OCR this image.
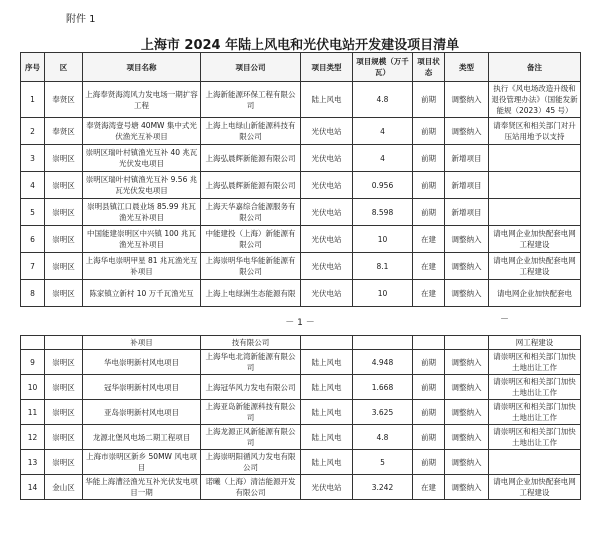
附件 1
上海市 2024 年陆上风电和光伏电站开发建设项目清单
序号	区	项目名称	项目公司	项目类型	项目规模（万千瓦）	项目状态	类型	备注
1	奉贤区	上海奉贤海湾风力发电场一期扩容工程	上海新能源环保工程有限公司	陆上风电	4.8	前期	调整纳入	执行《风电场改造升级和退役管理办法》（国能发新能规（2023）45 号）
2	奉贤区	奉贤海湾壹号塘 40MW 集中式光伏渔光互补项目	上海上电绿山新能源科技有限公司	光伏电站	4	前期	调整纳入	请奉贤区和相关部门对升压站用地予以支持
3	崇明区	崇明区瑞叶村镇渔光互补 40 兆瓦光伏发电项目	上海弘晨辉新能源有限公司	光伏电站	4	前期	新增项目	
4	崇明区	崇明区瑞叶村镇渔光互补 9.56 兆瓦光伏发电项目	上海弘晨辉新能源有限公司	光伏电站	0.956	前期	新增项目	
5	崇明区	崇明县镇江口晨业场 85.99 兆瓦渔光互补项目	上海天华嘉综合能源服务有限公司	光伏电站	8.598	前期	新增项目	
6	崇明区	中国能建崇明区中兴镇 100 兆瓦渔光互补项目	中能建投（上海）新能源有限公司	光伏电站	10	在建	调整纳入	请电网企业加快配套电网工程建设
7	崇明区	上海华电崇明甲星 81 兆瓦渔光互补项目	上海崇明华电华能新能源有限公司	光伏电站	8.1	在建	调整纳入	请电网企业加快配套电网工程建设
8	崇明区	陈家镇立新村 10 万千瓦渔光互	上海上电绿洲生态能源有限	光伏电站	10	在建	调整纳入	请电网企业加快配套电
－ 1 －	－
		补项目	技有限公司					网工程建设
9	崇明区	华电崇明新村风电项目	上海华电北湾新能源有限公司	陆上风电	4.948	前期	调整纳入	请崇明区和相关部门加快土地出让工作
10	崇明区	冠华崇明新村风电项目	上海冠华风力发电有限公司	陆上风电	1.668	前期	调整纳入	请崇明区和相关部门加快土地出让工作
11	崇明区	亚岛崇明新村风电项目	上海亚岛新能源科技有限公司	陆上风电	3.625	前期	调整纳入	请崇明区和相关部门加快土地出让工作
12	崇明区	龙源北堡风电场二期工程项目	上海龙源正风新能源有限公司	陆上风电	4.8	前期	调整纳入	请崇明区和相关部门加快土地出让工作
13	崇明区	上海市崇明区新乡 50MW 风电项目	上海崇明阳循风力发电有限公司	陆上风电	5	前期	调整纳入	
14	金山区	华能上海漕泾渔光互补光伏发电项目一期	诺曦（上海）清洁能源开发有限公司	光伏电站	3.242	在建	调整纳入	请电网企业加快配套电网工程建设
